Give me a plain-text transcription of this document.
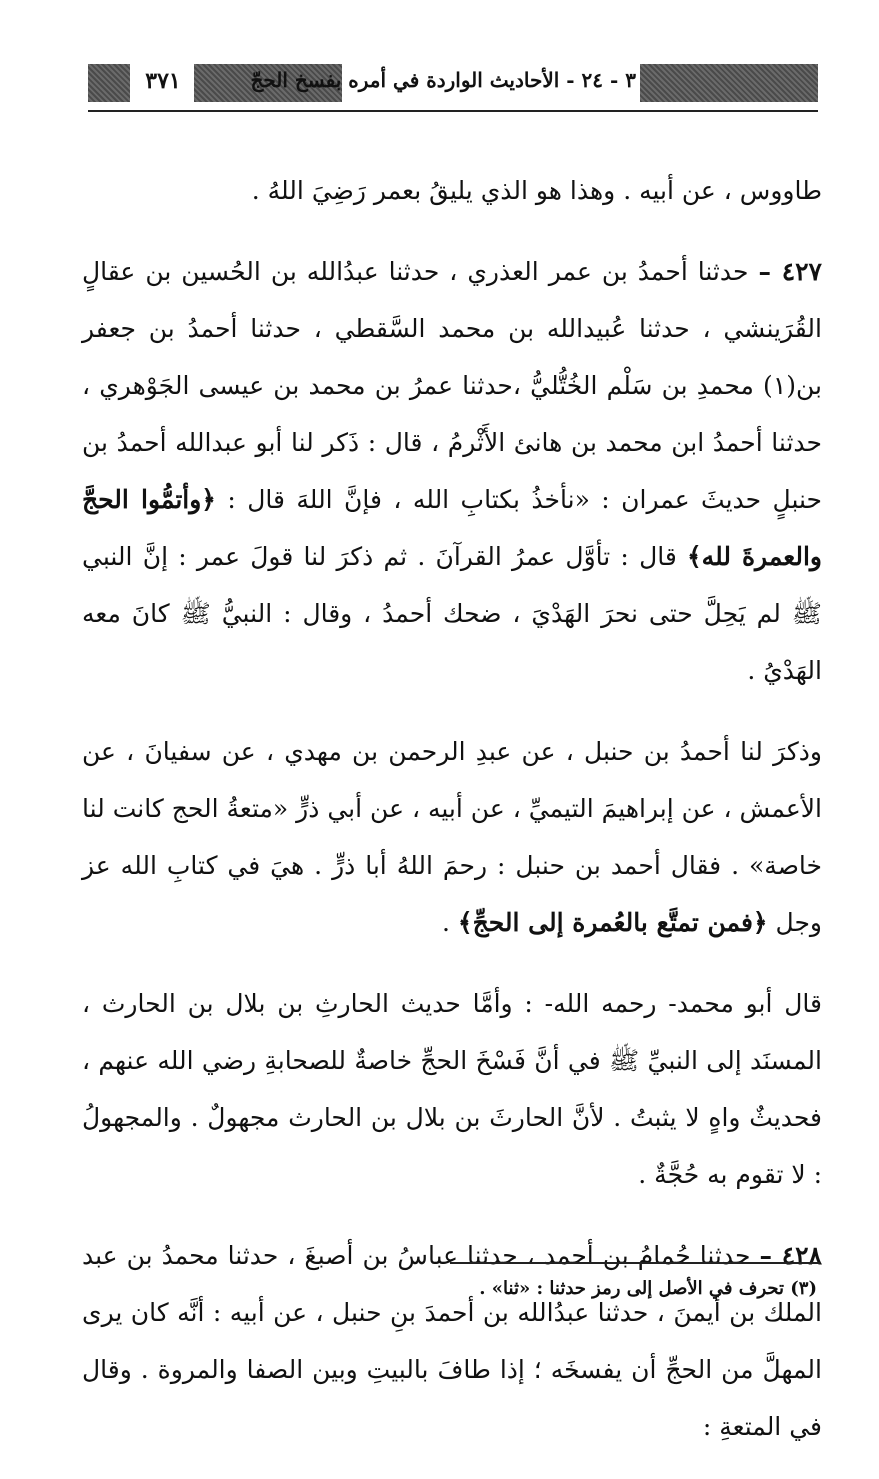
٣٧١	٣ - ٢٤ - الأحاديث الواردة في أمره بفسخ الحجّ

طاووس ، عن أبيه . وهذا هو الذي يليقُ بعمر رَضِيَ اللهُ .

٤٢٧ – حدثنا أحمدُ بن عمر العذري ، حدثنا عبدُالله بن الحُسين بن عقالٍ القُرَينشي ، حدثنا عُبيدالله بن محمد السَّقطي ، حدثنا أحمدُ بن جعفر بن(١) محمدِ بن سَلْم الخُتُّليُّ ،حدثنا عمرُ بن محمد بن عيسى الجَوْهري ، حدثنا أحمدُ ابن محمد بن هانئ الأَثْرمُ ، قال : ذَكر لنا أبو عبدالله أحمدُ بن حنبلٍ حديثَ عمران : «نأخذُ بكتابِ الله ، فإنَّ اللهَ قال : ﴿وأتمُّوا الحجَّ والعمرةَ لله﴾ قال : تأوَّل عمرُ القرآنَ . ثم ذكرَ لنا قولَ عمر : إنَّ النبي ﷺ لم يَحِلَّ حتى نحرَ الهَدْيَ ، ضحك أحمدُ ، وقال : النبيُّ ﷺ كانَ معه الهَدْيُ .

وذكرَ لنا أحمدُ بن حنبل ، عن عبدِ الرحمن بن مهدي ، عن سفيانَ ، عن الأعمش ، عن إبراهيمَ التيميِّ ، عن أبيه ، عن أبي ذرٍّ «متعةُ الحج كانت لنا خاصة» . فقال أحمد بن حنبل : رحمَ اللهُ أبا ذرٍّ . هيَ في كتابِ الله عز وجل ﴿فمن تمتَّع بالعُمرة إلى الحجِّ﴾ .

قال أبو محمد- رحمه الله- : وأمَّا حديث الحارثِ بن بلال بن الحارث ، المسنَد إلى النبيِّ ﷺ في أنَّ فَسْخَ الحجِّ خاصةٌ للصحابةِ رضي الله عنهم ، فحديثٌ واهٍ لا يثبتُ . لأنَّ الحارثَ بن بلال بن الحارث مجهولٌ . والمجهولُ : لا تقوم به حُجَّةٌ .

٤٢٨ – حدثنا حُمامُ بن أحمد ، حدثنا عباسُ بن أصبغَ ، حدثنا محمدُ بن عبد الملك بن أيمنَ ، حدثنا عبدُالله بن أحمدَ بنِ حنبل ، عن أبيه : أنَّه كان يرى المهلَّ من الحجِّ أن يفسخَه ؛ إذا طافَ بالبيتِ وبين الصفا والمروة . وقال في المتعةِ :

(٣) تحرف في الأصل إلى رمز حدثنا : «ثنا» .
